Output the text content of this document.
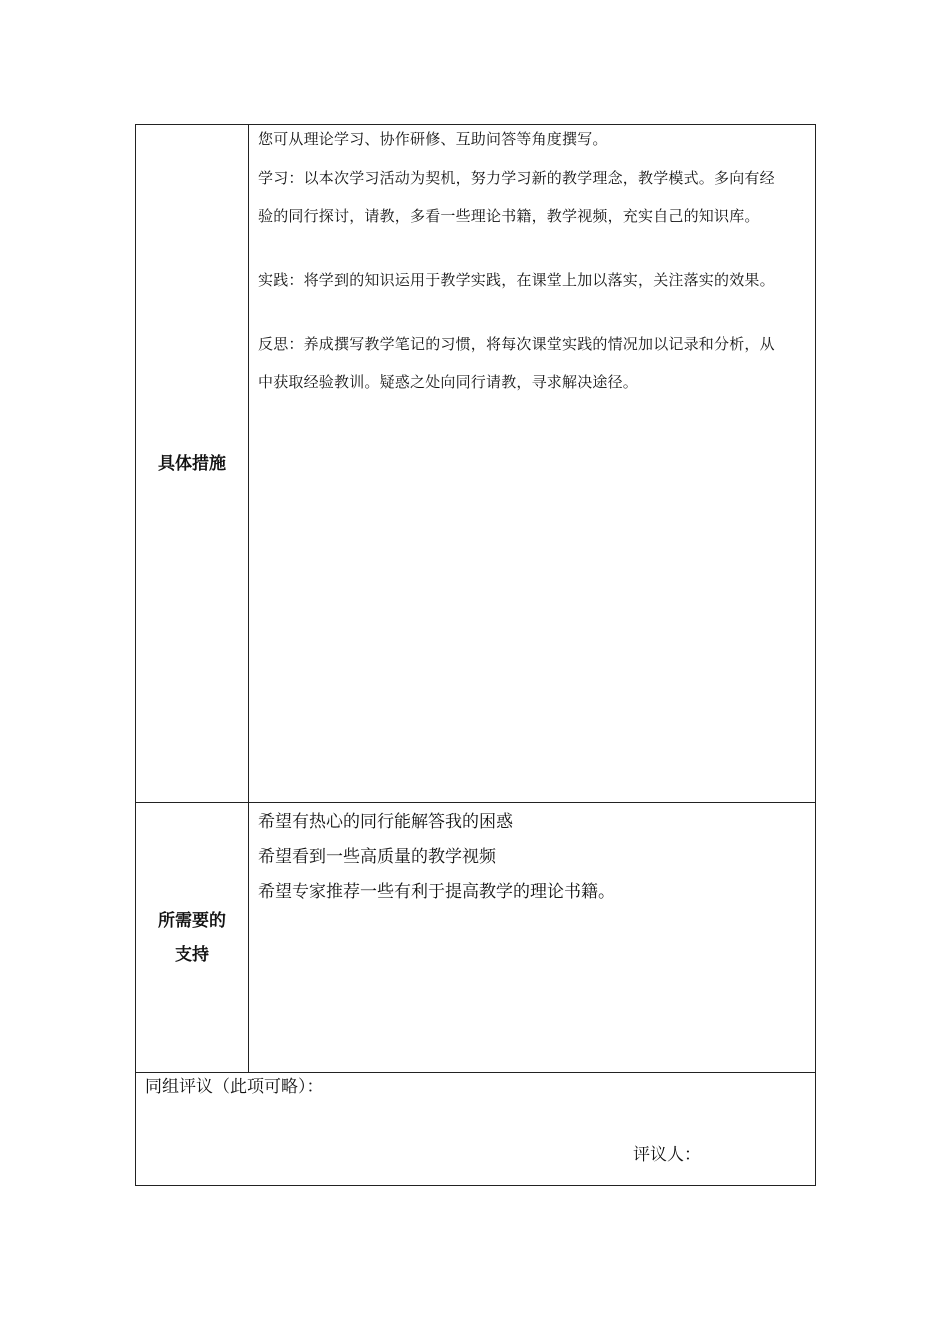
具体措施

您可从理论学习、协作研修、互助问答等角度撰写。

学习：以本次学习活动为契机，努力学习新的教学理念，教学模式。多向有经

验的同行探讨，请教，多看一些理论书籍，教学视频，充实自己的知识库。

实践：将学到的知识运用于教学实践，在课堂上加以落实，关注落实的效果。

反思：养成撰写教学笔记的习惯，将每次课堂实践的情况加以记录和分析，从

中获取经验教训。疑惑之处向同行请教，寻求解决途径。

所需要的
支持

希望有热心的同行能解答我的困惑

希望看到一些高质量的教学视频

希望专家推荐一些有利于提高教学的理论书籍。

同组评议（此项可略）：
评议人：
